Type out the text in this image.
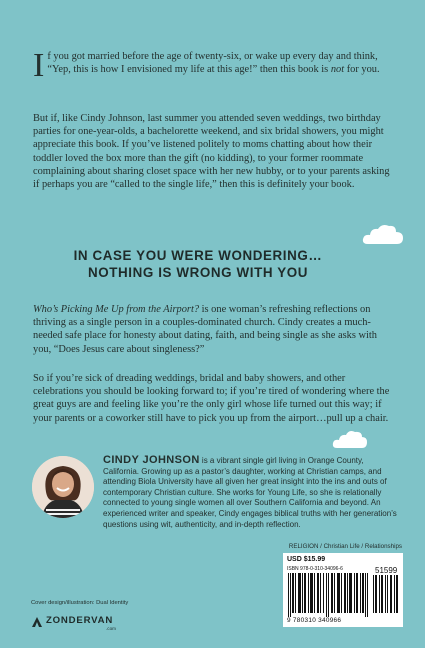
If you got married before the age of twenty-six, or wake up every day and think, “Yep, this is how I envisioned my life at this age!” then this book is not for you.

But if, like Cindy Johnson, last summer you attended seven weddings, two birthday parties for one-year-olds, a bachelorette weekend, and six bridal showers, you might appreciate this book. If you’ve listened politely to moms chatting about how their toddler loved the box more than the gift (no kidding), to your former roommate complaining about sharing closet space with her new hubby, or to your parents asking if perhaps you are “called to the single life,” then this is definitely your book.

IN CASE YOU WERE WONDERING…
NOTHING IS WRONG WITH YOU

Who’s Picking Me Up from the Airport? is one woman’s refreshing reflections on thriving as a single person in a couples-dominated church. Cindy creates a much-needed safe place for honesty about dating, faith, and being single as she asks with you, “Does Jesus care about singleness?”

So if you’re sick of dreading weddings, bridal and baby showers, and other celebrations you should be looking forward to; if you’re tired of wondering where the great guys are and feeling like you’re the only girl whose life turned out this way; if your parents or a coworker still have to pick you up from the airport…pull up a chair.

CINDY JOHNSON is a vibrant single girl living in Orange County, California. Growing up as a pastor’s daughter, working at Christian camps, and attending Biola University have all given her great insight into the ins and outs of contemporary Christian culture. She works for Young Life, so she is relationally connected to young single women all over Southern California and beyond. An experienced writer and speaker, Cindy engages biblical truths with her generation’s questions using wit, authenticity, and in-depth reflection.

RELIGION / Christian Life / Relationships
USD $15.99
ISBN 978-0-310-34096-6	51599
9 780310 340966
Cover design/illustration: Dual Identity
ZONDERVAN
.com
